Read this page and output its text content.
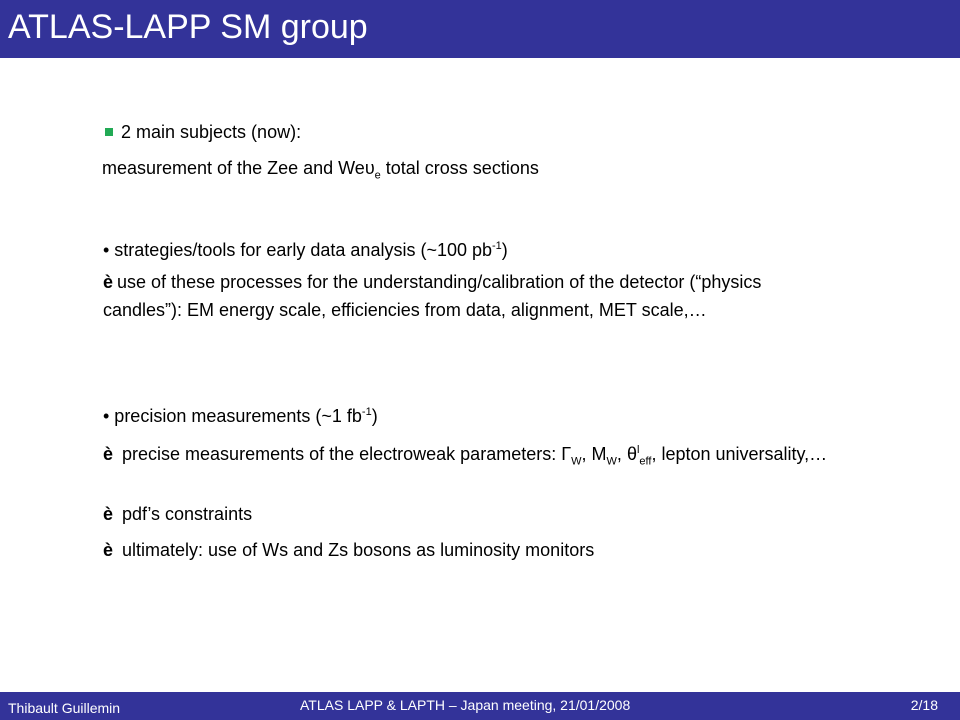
ATLAS-LAPP SM group
2 main subjects (now):
measurement of the Zee and Weυ$_e$ total cross sections
• strategies/tools for early data analysis (~100 $pb^{-1}$)
è use of these processes for the understanding/calibration of the detector (“physics candles”): EM energy scale, efficiencies from data, alignment, MET scale,…
• precision measurements (~1 $fb^{-1}$)
è precise measurements of the electroweak parameters: $\Gamma_W$, $M_W$, $\theta^l_{eff}$, lepton universality,…
è pdf’s constraints
è ultimately: use of Ws and Zs bosons as luminosity monitors
Thibault Guillemin	ATLAS LAPP & LAPTH – Japan meeting, 21/01/2008	2/18
